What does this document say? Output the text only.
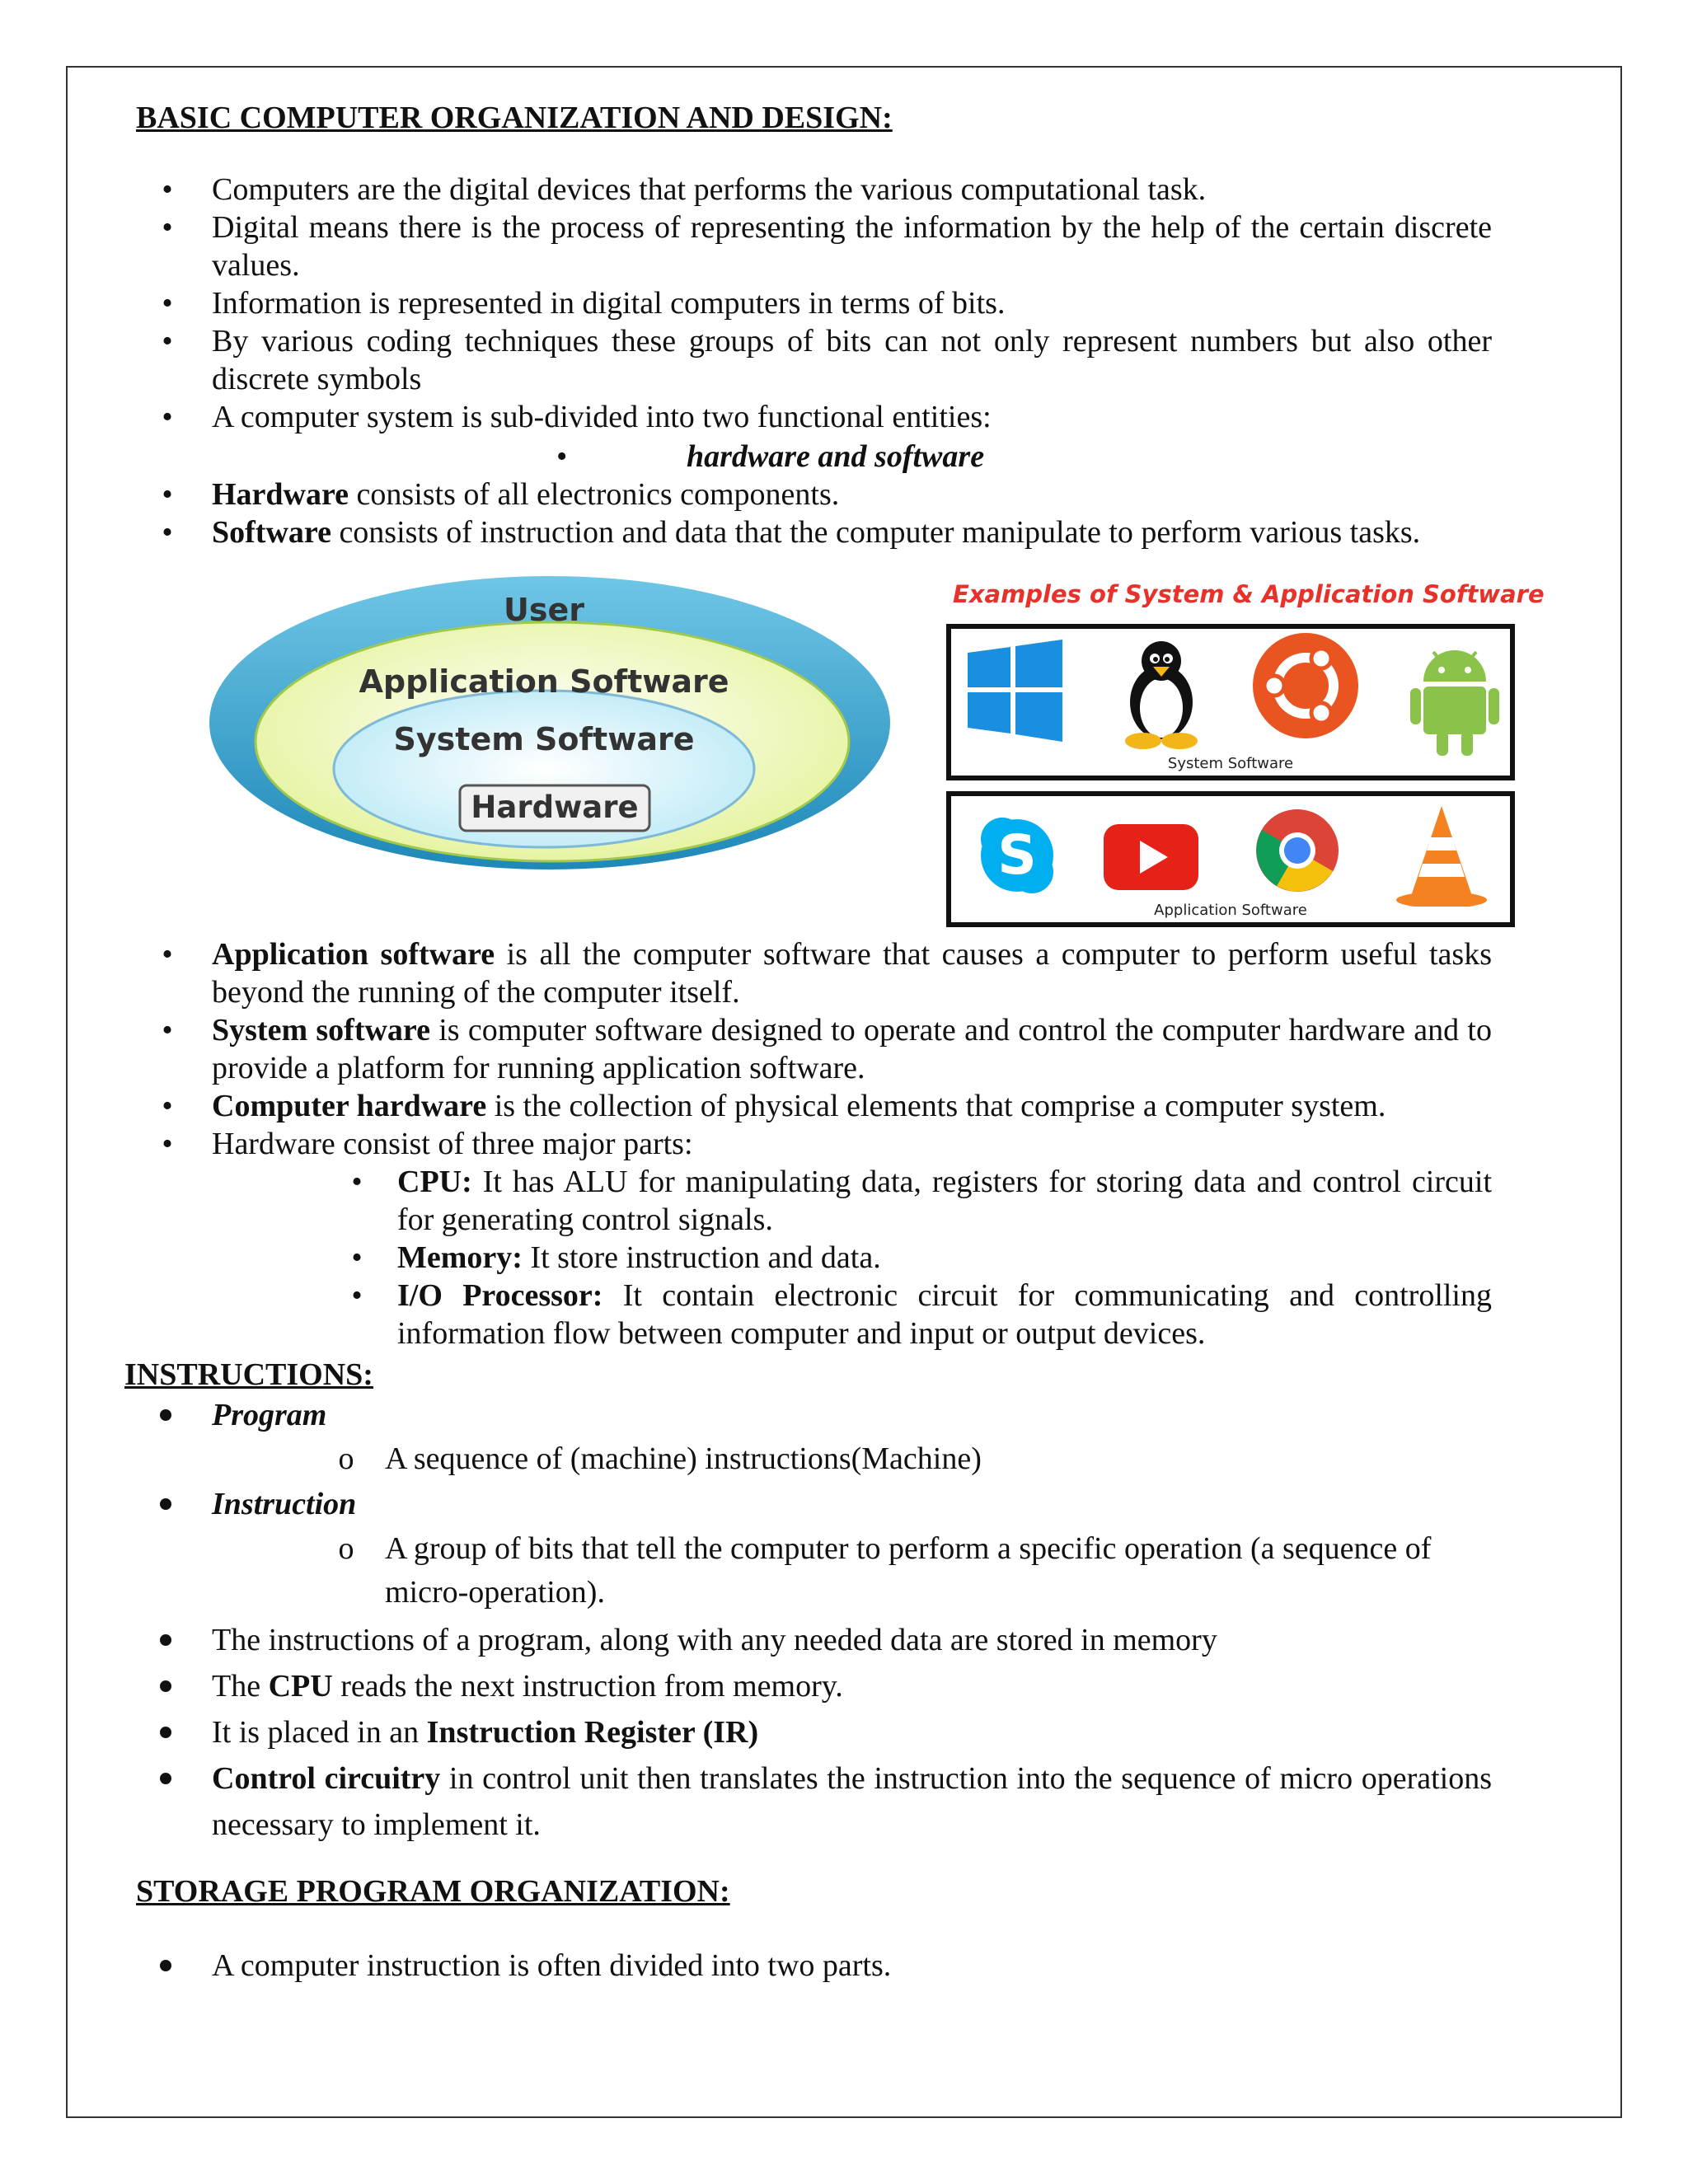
BASIC COMPUTER ORGANIZATION AND DESIGN:
• Computers are the digital devices that performs the various computational task.
• Digital means there is the process of representing the information by the help of the certain discrete values.
• Information is represented in digital computers in terms of bits.
• By various coding techniques these groups of bits can not only represent numbers but also other discrete symbols
• A computer system is sub-divided into two functional entities:
•	hardware and software
• Hardware consists of all electronics components.
• Software consists of instruction and data that the computer manipulate to perform various tasks.
User
Application Software
System Software
Hardware
Examples of System & Application Software
System Software
S
Application Software
• Application software is all the computer software that causes a computer to perform useful tasks beyond the running of the computer itself.
• System software is computer software designed to operate and control the computer hardware and to provide a platform for running application software.
• Computer hardware is the collection of physical elements that comprise a computer system.
• Hardware consist of three major parts:
• CPU: It has ALU for manipulating data, registers for storing data and control circuit for generating control signals.
• Memory: It store instruction and data.
• I/O Processor: It contain electronic circuit for communicating and controlling information flow between computer and input or output devices.
INSTRUCTIONS:
Program
o A sequence of (machine) instructions(Machine)
Instruction
o A group of bits that tell the computer to perform a specific operation (a sequence of micro-operation).
The instructions of a program, along with any needed data are stored in memory
The CPU reads the next instruction from memory.
It is placed in an Instruction Register (IR)
Control circuitry in control unit then translates the instruction into the sequence of micro operations necessary to implement it.
STORAGE PROGRAM ORGANIZATION:
A computer instruction is often divided into two parts.
